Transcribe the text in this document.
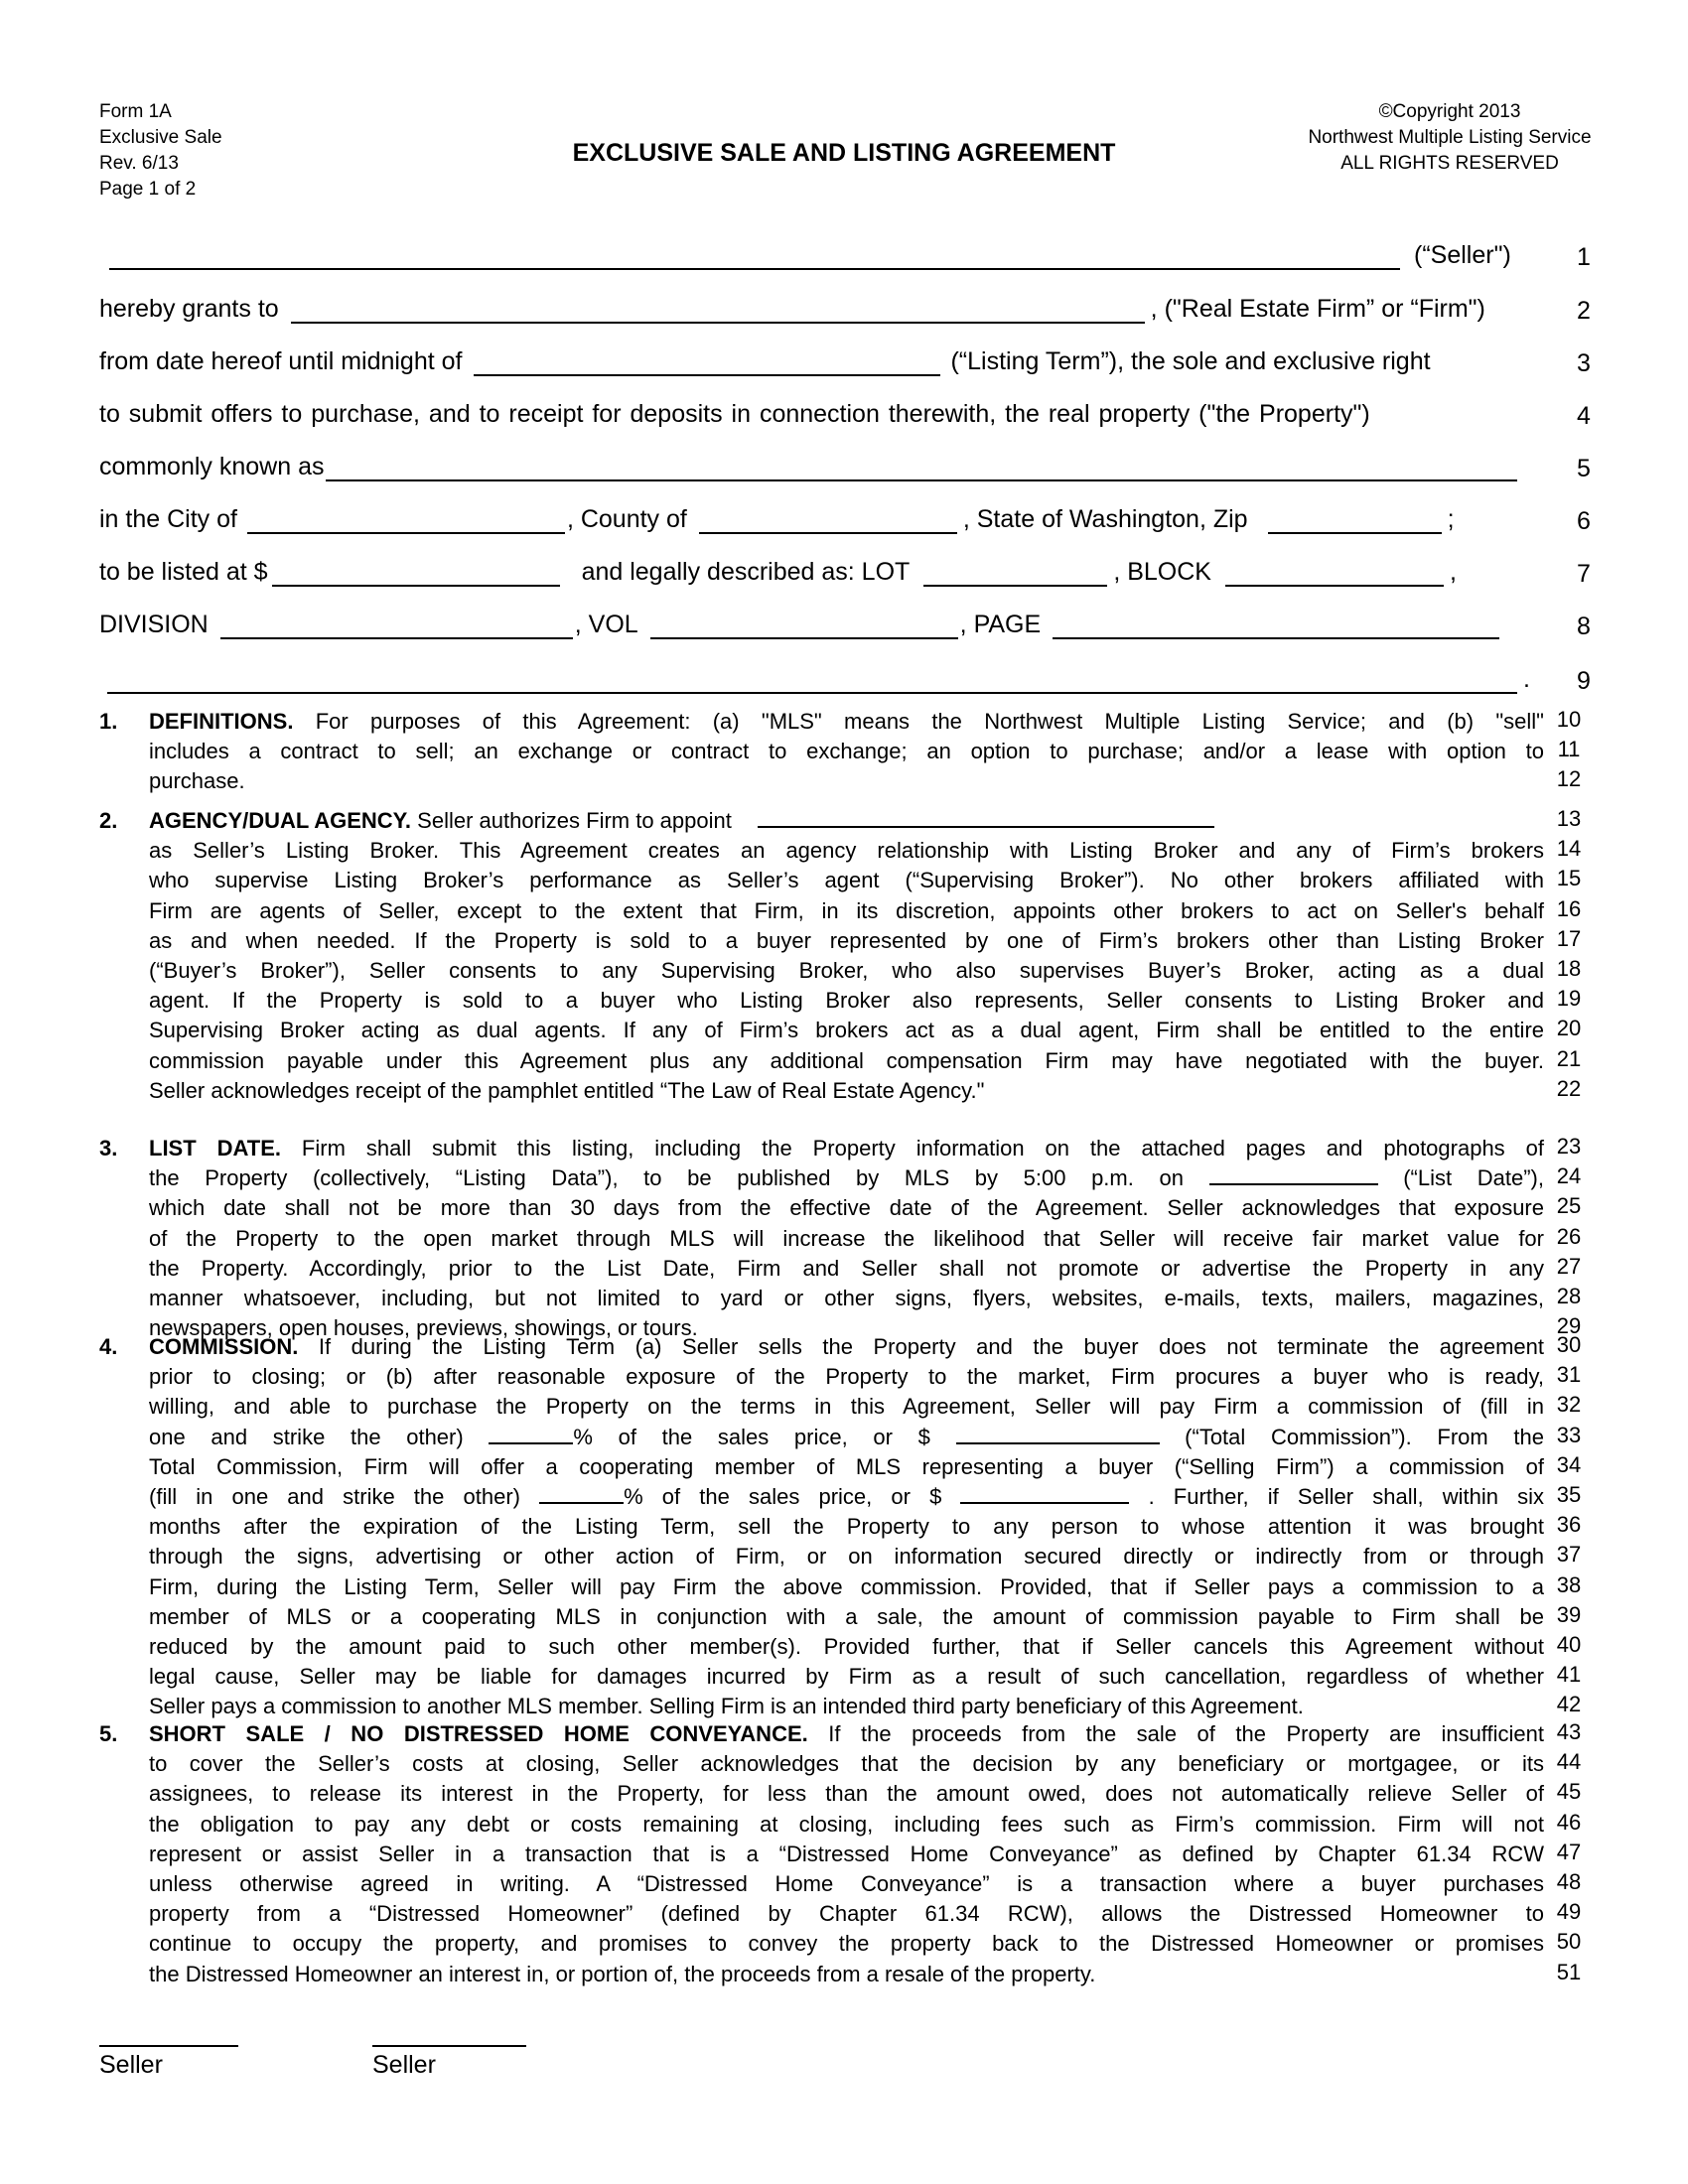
Form 1A
Exclusive Sale
Rev. 6/13
Page 1 of 2
EXCLUSIVE SALE AND LISTING AGREEMENT
©Copyright 2013
Northwest Multiple Listing Service
ALL RIGHTS RESERVED
(“Seller")	1
hereby grants to	, ("Real Estate Firm” or “Firm")	2
from date hereof until midnight of	(“Listing Term”), the sole and exclusive right	3
to submit offers to purchase, and to receipt for deposits in connection therewith, the real property ("the Property")	4
commonly known as	5
in the City of	, County of	, State of Washington, Zip	;	6
to be listed at $	and legally described as: LOT	, BLOCK	,	7
DIVISION	, VOL	, PAGE	8
.	9
10
11
12
1. DEFINITIONS. For purposes of this Agreement: (a) "MLS" means the Northwest Multiple Listing Service; and (b) "sell"
includes a contract to sell; an exchange or contract to exchange; an option to purchase; and/or a lease with option to
purchase.
13
14
15
16
17
18
19
20
21
22
2. AGENCY/DUAL AGENCY. Seller authorizes Firm to appoint
as Seller’s Listing Broker. This Agreement creates an agency relationship with Listing Broker and any of Firm’s brokers
who supervise Listing Broker’s performance as Seller’s agent (“Supervising Broker”). No other brokers affiliated with
Firm are agents of Seller, except to the extent that Firm, in its discretion, appoints other brokers to act on Seller's behalf
as and when needed. If the Property is sold to a buyer represented by one of Firm’s brokers other than Listing Broker
(“Buyer’s Broker”), Seller consents to any Supervising Broker, who also supervises Buyer’s Broker, acting as a dual
agent. If the Property is sold to a buyer who Listing Broker also represents, Seller consents to Listing Broker and
Supervising Broker acting as dual agents. If any of Firm’s brokers act as a dual agent, Firm shall be entitled to the entire
commission payable under this Agreement plus any additional compensation Firm may have negotiated with the buyer.
Seller acknowledges receipt of the pamphlet entitled “The Law of Real Estate Agency."
23
24
25
26
27
28
29
3. LIST DATE. Firm shall submit this listing, including the Property information on the attached pages and photographs of
the Property (collectively, “Listing Data”), to be published by MLS by 5:00 p.m. on	(“List Date”),
which date shall not be more than 30 days from the effective date of the Agreement. Seller acknowledges that exposure
of the Property to the open market through MLS will increase the likelihood that Seller will receive fair market value for
the Property. Accordingly, prior to the List Date, Firm and Seller shall not promote or advertise the Property in any
manner whatsoever, including, but not limited to yard or other signs, flyers, websites, e-mails, texts, mailers, magazines,
newspapers, open houses, previews, showings, or tours.
30
31
32
33
34
35
36
37
38
39
40
41
42
4. COMMISSION. If during the Listing Term (a) Seller sells the Property and the buyer does not terminate the agreement
prior to closing; or (b) after reasonable exposure of the Property to the market, Firm procures a buyer who is ready,
willing, and able to purchase the Property on the terms in this Agreement, Seller will pay Firm a commission of (fill in
one and strike the other)	% of the sales price, or $	(“Total Commission”). From the
Total Commission, Firm will offer a cooperating member of MLS representing a buyer (“Selling Firm”) a commission of
(fill in one and strike the other)	% of the sales price, or $	. Further, if Seller shall, within six
months after the expiration of the Listing Term, sell the Property to any person to whose attention it was brought
through the signs, advertising or other action of Firm, or on information secured directly or indirectly from or through
Firm, during the Listing Term, Seller will pay Firm the above commission. Provided, that if Seller pays a commission to a
member of MLS or a cooperating MLS in conjunction with a sale, the amount of commission payable to Firm shall be
reduced by the amount paid to such other member(s). Provided further, that if Seller cancels this Agreement without
legal cause, Seller may be liable for damages incurred by Firm as a result of such cancellation, regardless of whether
Seller pays a commission to another MLS member. Selling Firm is an intended third party beneficiary of this Agreement.
43
44
45
46
47
48
49
50
51
5. SHORT SALE / NO DISTRESSED HOME CONVEYANCE. If the proceeds from the sale of the Property are insufficient
to cover the Seller’s costs at closing, Seller acknowledges that the decision by any beneficiary or mortgagee, or its
assignees, to release its interest in the Property, for less than the amount owed, does not automatically relieve Seller of
the obligation to pay any debt or costs remaining at closing, including fees such as Firm’s commission. Firm will not
represent or assist Seller in a transaction that is a “Distressed Home Conveyance” as defined by Chapter 61.34 RCW
unless otherwise agreed in writing. A “Distressed Home Conveyance” is a transaction where a buyer purchases
property from a “Distressed Homeowner” (defined by Chapter 61.34 RCW), allows the Distressed Homeowner to
continue to occupy the property, and promises to convey the property back to the Distressed Homeowner or promises
the Distressed Homeowner an interest in, or portion of, the proceeds from a resale of the property.
Seller	Seller
